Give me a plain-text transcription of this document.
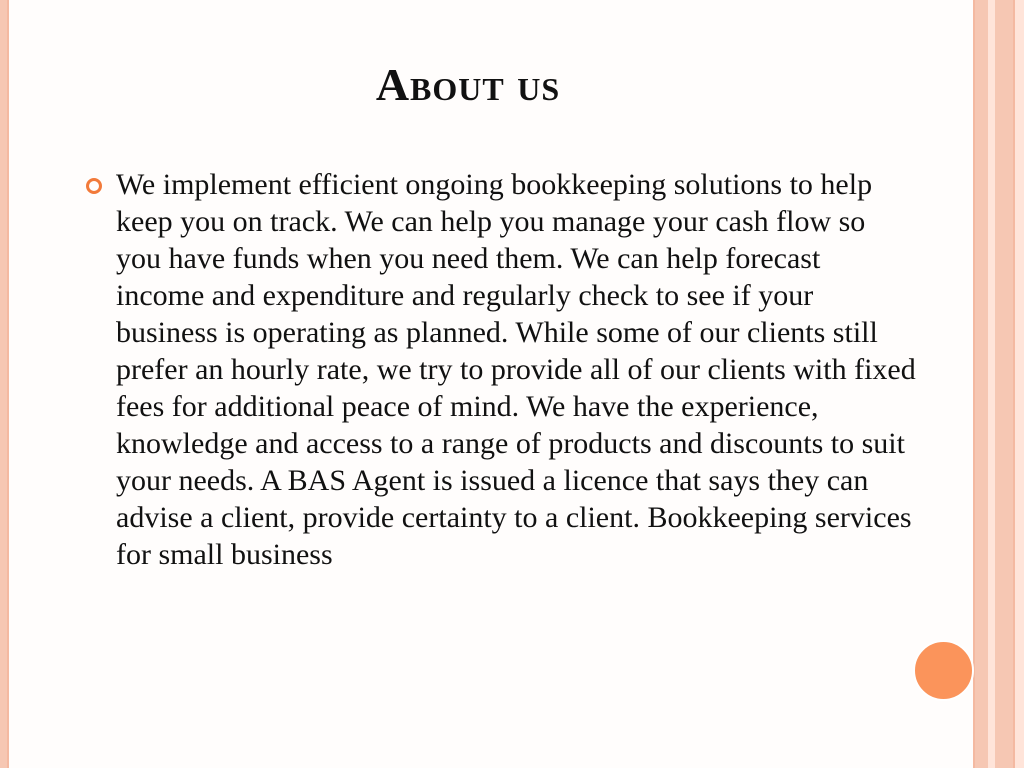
About us
We implement efficient ongoing bookkeeping solutions to help keep you on track. We can help you manage your cash flow so you have funds when you need them. We can help forecast income and expenditure and regularly check to see if your business is operating as planned. While some of our clients still prefer an hourly rate, we try to provide all of our clients with fixed fees for additional peace of mind. We have the experience, knowledge and access to a range of products and discounts to suit your needs. A BAS Agent is issued a licence that says they can advise a client, provide certainty to a client. Bookkeeping services for small business
